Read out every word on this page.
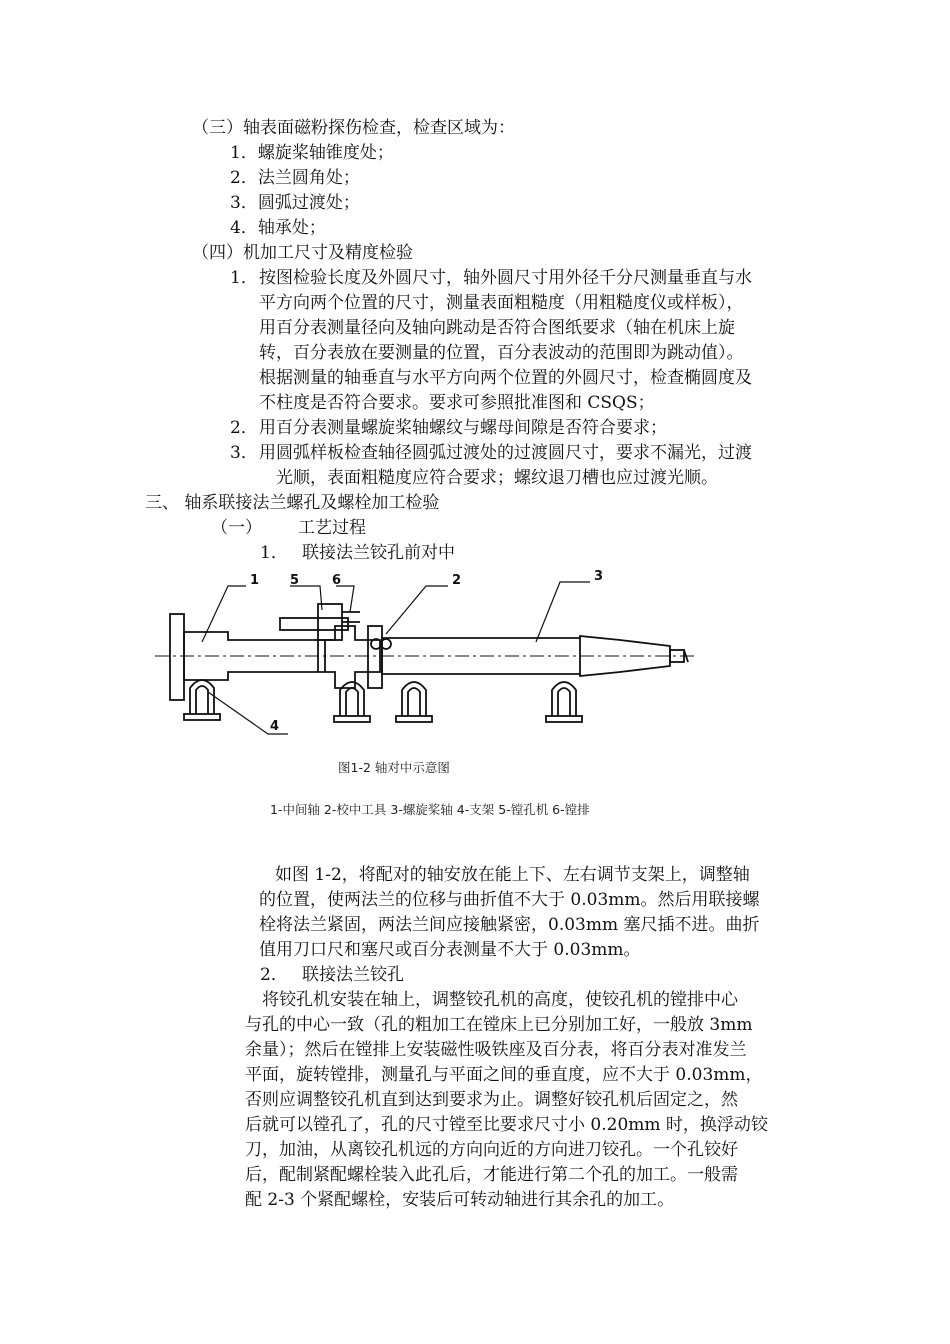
（三）轴表面磁粉探伤检查，检查区域为：
1．螺旋桨轴锥度处；
2．法兰圆角处；
3．圆弧过渡处；
4．轴承处；
（四）机加工尺寸及精度检验
1． 按图检验长度及外圆尺寸，轴外圆尺寸用外径千分尺测量垂直与水
平方向两个位置的尺寸，测量表面粗糙度（用粗糙度仪或样板），
用百分表测量径向及轴向跳动是否符合图纸要求（轴在机床上旋
转，百分表放在要测量的位置，百分表波动的范围即为跳动值）。
根据测量的轴垂直与水平方向两个位置的外圆尺寸，检查椭圆度及
不柱度是否符合要求。要求可参照批准图和 CSQS；
2． 用百分表测量螺旋桨轴螺纹与螺母间隙是否符合要求；
3． 用圆弧样板检查轴径圆弧过渡处的过渡圆尺寸，要求不漏光，过渡
光顺，表面粗糙度应符合要求；螺纹退刀槽也应过渡光顺。
三、 轴系联接法兰螺孔及螺栓加工检验
（一） 工艺过程
1． 联接法兰铰孔前对中
1 5	6	2	3
4
图1-2 轴对中示意图
1-中间轴 2-校中工具 3-螺旋桨轴 4-支架 5-镗孔机 6-镗排
如图 1-2，将配对的轴安放在能上下、左右调节支架上，调整轴
的位置，使两法兰的位移与曲折值不大于 0.03mm。然后用联接螺
栓将法兰紧固，两法兰间应接触紧密，0.03mm 塞尺插不进。曲折
值用刀口尺和塞尺或百分表测量不大于 0.03mm。
2． 联接法兰铰孔
将铰孔机安装在轴上，调整铰孔机的高度，使铰孔机的镗排中心
与孔的中心一致（孔的粗加工在镗床上已分别加工好，一般放 3mm
余量）；然后在镗排上安装磁性吸铁座及百分表，将百分表对准发兰
平面，旋转镗排，测量孔与平面之间的垂直度，应不大于 0.03mm，
否则应调整铰孔机直到达到要求为止。调整好铰孔机后固定之，然
后就可以镗孔了，孔的尺寸镗至比要求尺寸小 0.20mm 时，换浮动铰
刀，加油，从离铰孔机远的方向向近的方向进刀铰孔。一个孔铰好
后，配制紧配螺栓装入此孔后，才能进行第二个孔的加工。一般需
配 2-3 个紧配螺栓，安装后可转动轴进行其余孔的加工。
